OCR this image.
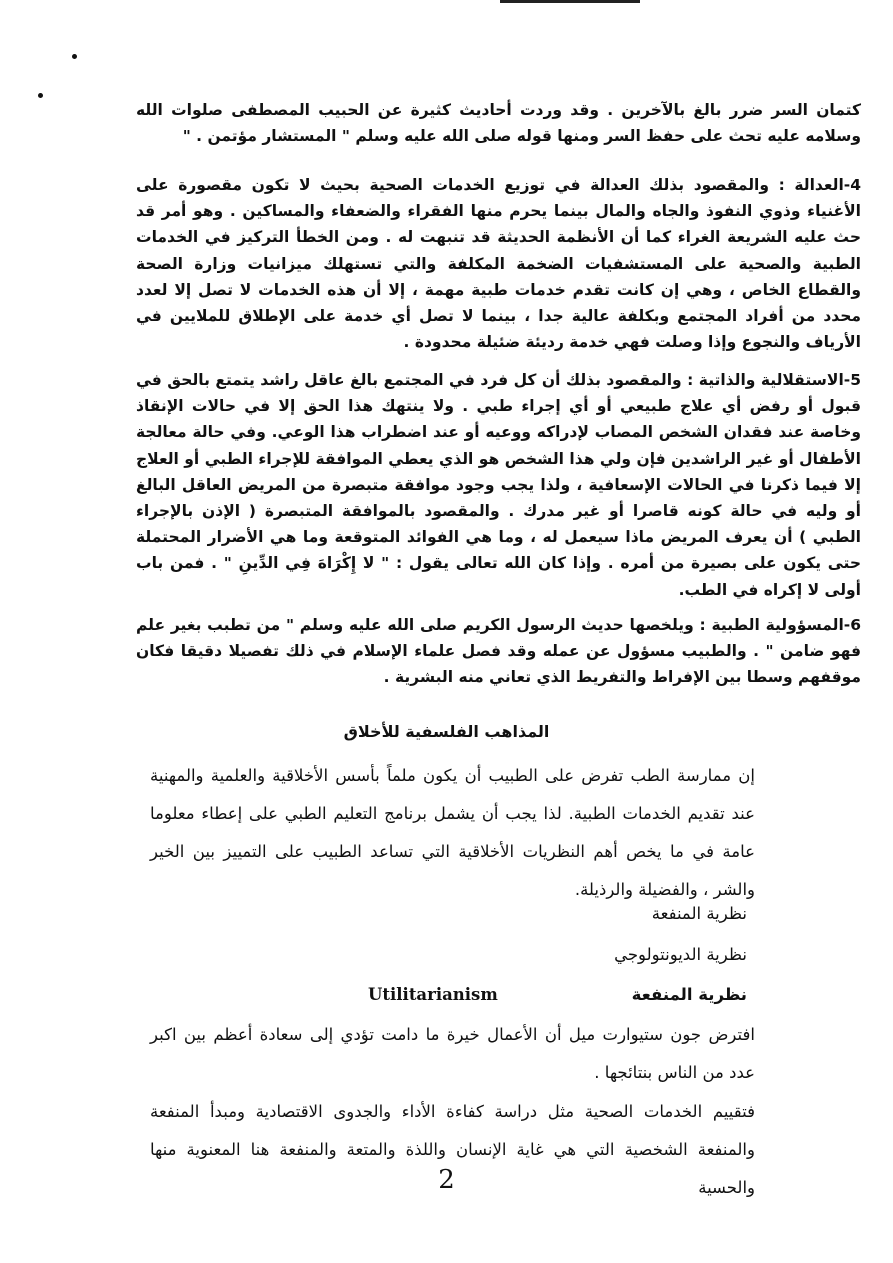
كتمان السر ضرر بالغ بالآخرين . وقد وردت أحاديث كثيرة عن الحبيب المصطفى صلوات الله وسلامه عليه تحث على حفظ السر ومنها قوله صلى الله عليه وسلم " المستشار مؤتمن . "

4-العدالة : والمقصود بذلك العدالة في توزيع الخدمات الصحية بحيث لا تكون مقصورة على الأغنياء وذوي النفوذ والجاه والمال بينما يحرم منها الفقراء والضعفاء والمساكين . وهو أمر قد حث عليه الشريعة الغراء كما أن الأنظمة الحديثة قد تنبهت له . ومن الخطأ التركيز في الخدمات الطبية والصحية على المستشفيات الضخمة المكلفة والتي تستهلك ميزانيات وزارة الصحة والقطاع الخاص ، وهي إن كانت تقدم خدمات طبية مهمة ، إلا أن هذه الخدمات لا تصل إلا لعدد محدد من أفراد المجتمع وبكلفة عالية جدا ، بينما لا تصل أي خدمة على الإطلاق للملايين في الأرياف والنجوع وإذا وصلت فهي خدمة رديئة ضئيلة محدودة .

5-الاستقلالية والذاتية : والمقصود بذلك أن كل فرد في المجتمع بالغ عاقل راشد يتمتع بالحق في قبول أو رفض أي علاج طبيعي أو أي إجراء طبي . ولا ينتهك هذا الحق إلا في حالات الإنقاذ وخاصة عند فقدان الشخص المصاب لإدراكه ووعيه أو عند اضطراب هذا الوعي. وفي حالة معالجة الأطفال أو غير الراشدين فإن ولي هذا الشخص هو الذي يعطي الموافقة للإجراء الطبي أو العلاج إلا فيما ذكرنا في الحالات الإسعافية ، ولذا يجب وجود موافقة متبصرة من المريض العاقل البالغ أو وليه في حالة كونه قاصرا أو غير مدرك . والمقصود بالموافقة المتبصرة ( الإذن بالإجراء الطبي ) أن يعرف المريض ماذا سيعمل له ، وما هي الفوائد المتوقعة وما هي الأضرار المحتملة حتى يكون على بصيرة من أمره . وإذا كان الله تعالى يقول : " لا إِكْرَاهَ فِي الدِّينِ " . فمن باب أولى لا إكراه في الطب.

6-المسؤولية الطبية : ويلخصها حديث الرسول الكريم صلى الله عليه وسلم " من تطبب بغير علم فهو ضامن " . والطبيب مسؤول عن عمله وقد فصل علماء الإسلام في ذلك تفصيلا دقيقا فكان موقفهم وسطا بين الإفراط والتفريط الذي تعاني منه البشرية .

المذاهب الفلسفية للأخلاق

إن ممارسة الطب تفرض على الطبيب أن يكون ملماً بأسس الأخلاقية والعلمية والمهنية عند تقديم الخدمات الطبية. لذا يجب أن يشمل برنامج التعليم الطبي على إعطاء معلوما عامة في ما يخص أهم النظريات الأخلاقية التي تساعد الطبيب على التمييز بين الخير والشر ، والفضيلة والرذيلة.

نظرية المنفعة

نظرية الديونتولوجي

نظرية المنفعة

Utilitarianism

افترض جون ستيوارت ميل أن الأعمال خيرة ما دامت تؤدي إلى سعادة أعظم بين اكبر عدد من الناس بنتائجها .

فتقييم الخدمات الصحية مثل دراسة كفاءة الأداء والجدوى الاقتصادية ومبدأ المنفعة والمنفعة الشخصية التي هي غاية الإنسان واللذة والمتعة والمنفعة هنا المعنوية منها والحسية

2
